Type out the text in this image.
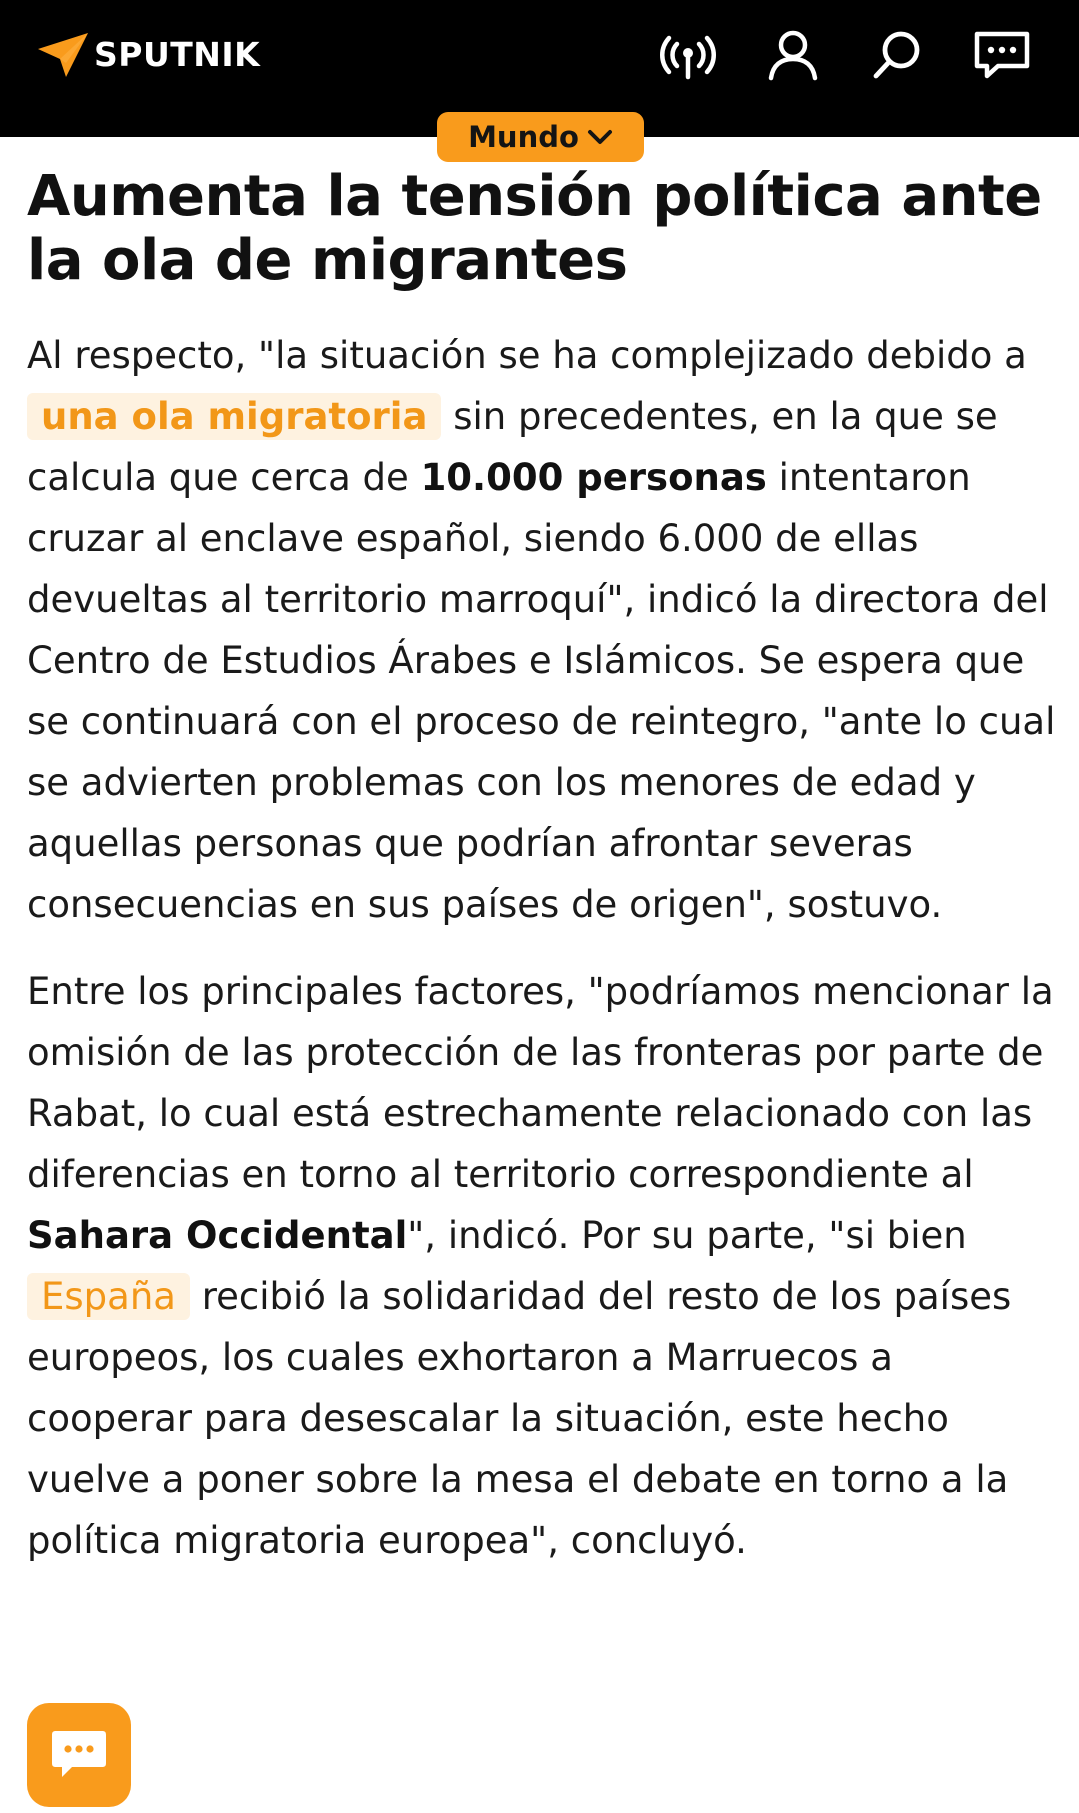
SPUTNIK
Mundo
Aumenta la tensión política ante la ola de migrantes

Al respecto, "la situación se ha complejizado debido a una ola migratoria sin precedentes, en la que se calcula que cerca de 10.000 personas intentaron cruzar al enclave español, siendo 6.000 de ellas devueltas al territorio marroquí", indicó la directora del Centro de Estudios Árabes e Islámicos. Se espera que se continuará con el proceso de reintegro, "ante lo cual se advierten problemas con los menores de edad y aquellas personas que podrían afrontar severas consecuencias en sus países de origen", sostuvo.

Entre los principales factores, "podríamos mencionar la omisión de las protección de las fronteras por parte de Rabat, lo cual está estrechamente relacionado con las diferencias en torno al territorio correspondiente al Sahara Occidental", indicó. Por su parte, "si bien España recibió la solidaridad del resto de los países europeos, los cuales exhortaron a Marruecos a cooperar para desescalar la situación, este hecho vuelve a poner sobre la mesa el debate en torno a la política migratoria europea", concluyó.
